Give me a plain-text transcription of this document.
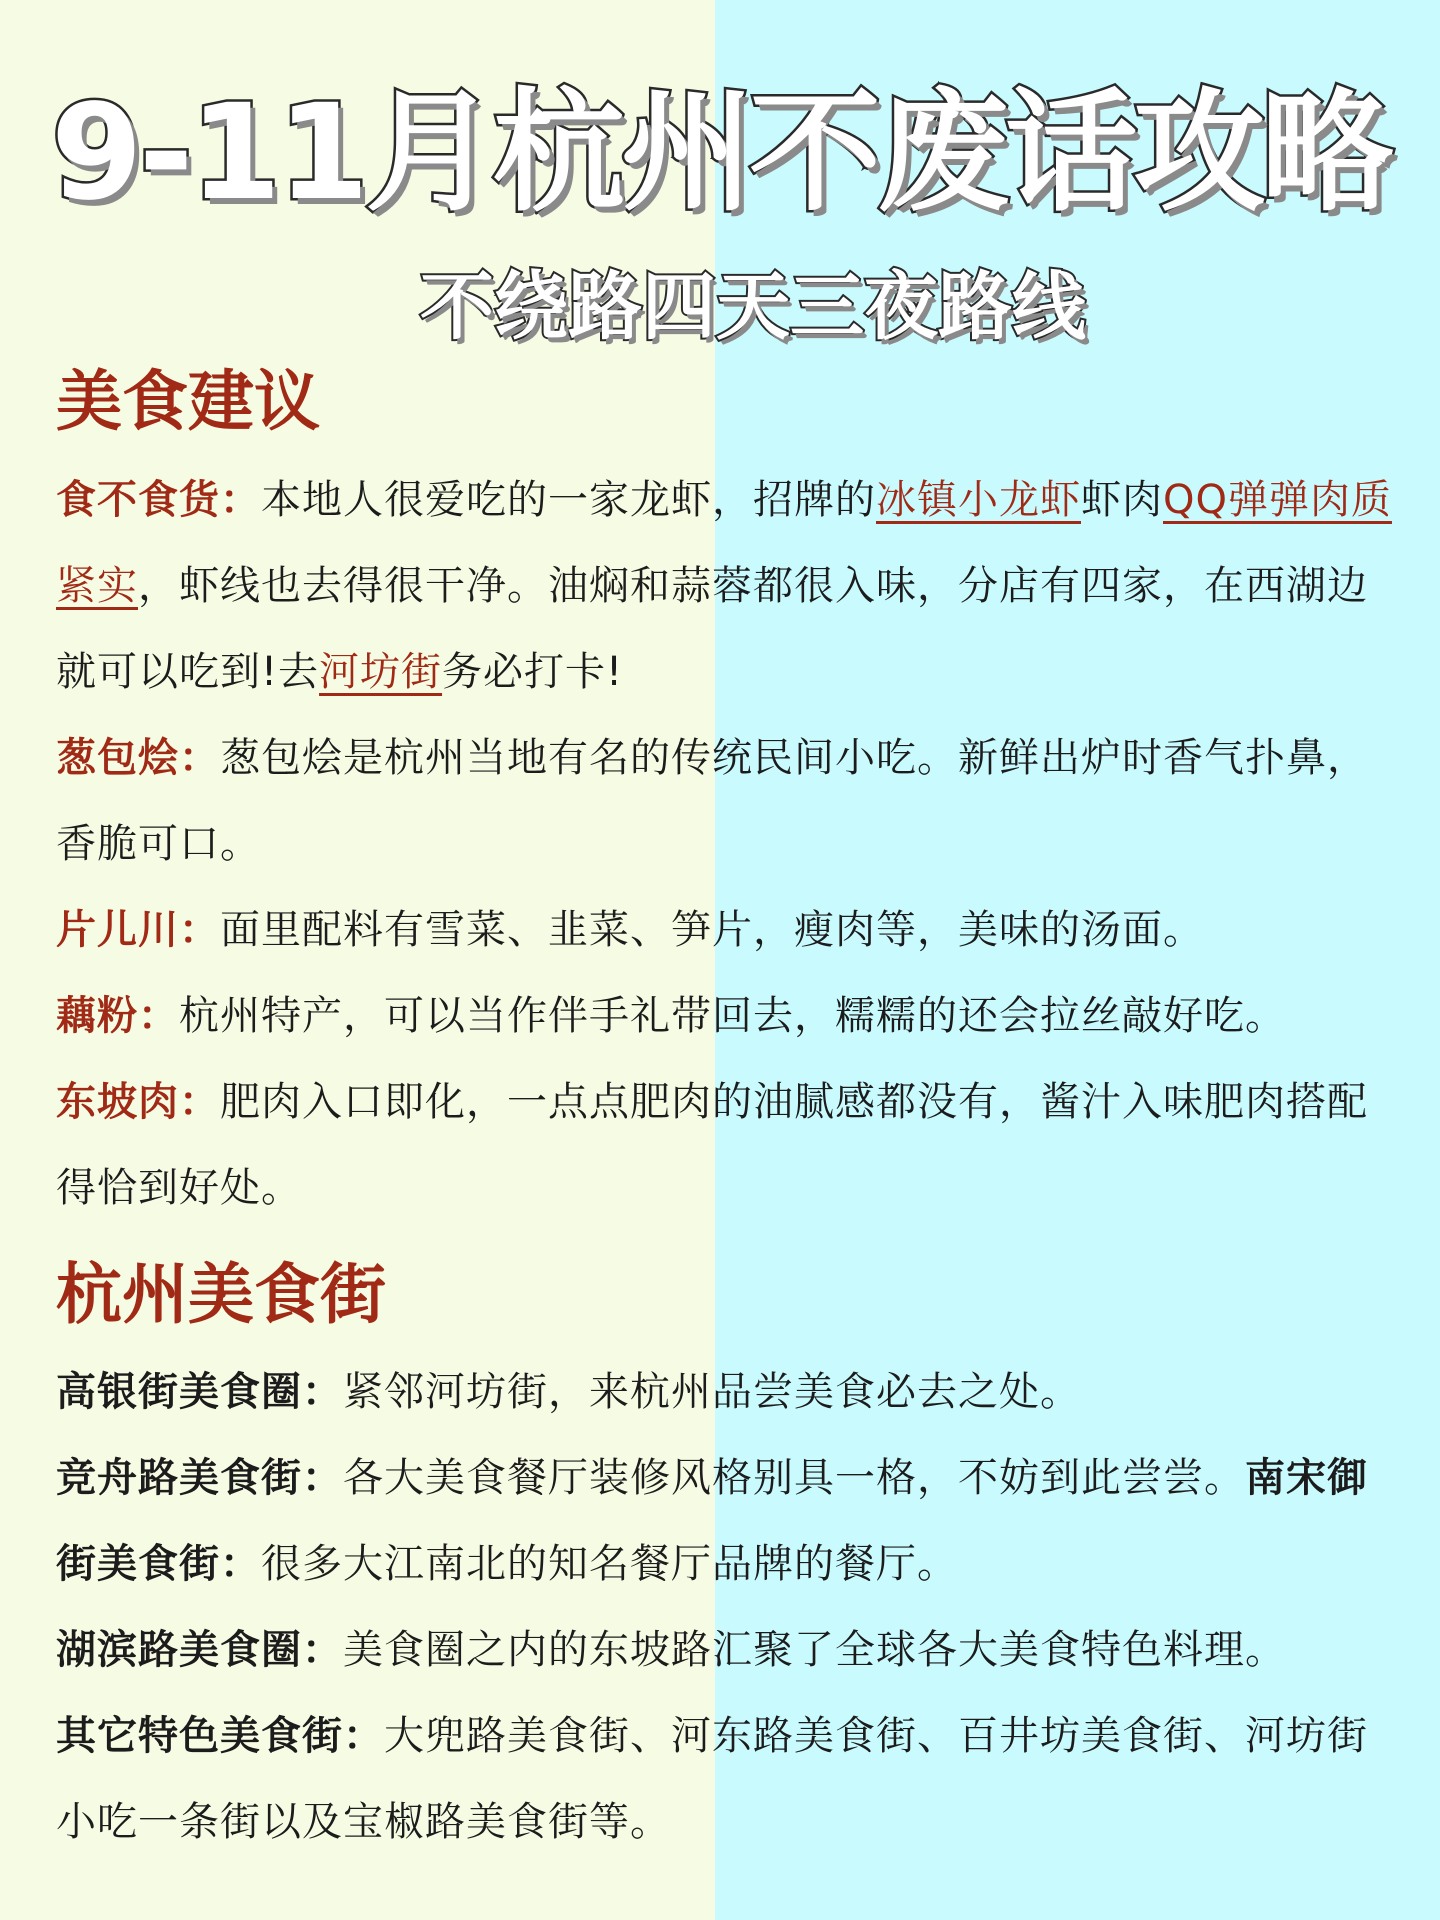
9-11月杭州不废话攻略
不绕路四天三夜路线
美食建议
食不食货：本地人很爱吃的一家龙虾，招牌的冰镇小龙虾虾肉QQ弹弹肉质紧实，虾线也去得很干净。油焖和蒜蓉都很入味，分店有四家，在西湖边就可以吃到!去河坊街务必打卡!
葱包烩：葱包烩是杭州当地有名的传统民间小吃。新鲜出炉时香气扑鼻，香脆可口。
片儿川：面里配料有雪菜、韭菜、笋片，瘦肉等，美味的汤面。
藕粉：杭州特产，可以当作伴手礼带回去，糯糯的还会拉丝敲好吃。
东坡肉：肥肉入口即化，一点点肥肉的油腻感都没有，酱汁入味肥肉搭配得恰到好处。
杭州美食街
高银街美食圈：紧邻河坊街，来杭州品尝美食必去之处。
竞舟路美食街：各大美食餐厅装修风格别具一格，不妨到此尝尝。南宋御街美食街：很多大江南北的知名餐厅品牌的餐厅。
湖滨路美食圈：美食圈之内的东坡路汇聚了全球各大美食特色料理。
其它特色美食街：大兜路美食街、河东路美食街、百井坊美食街、河坊街小吃一条街以及宝椒路美食街等。
